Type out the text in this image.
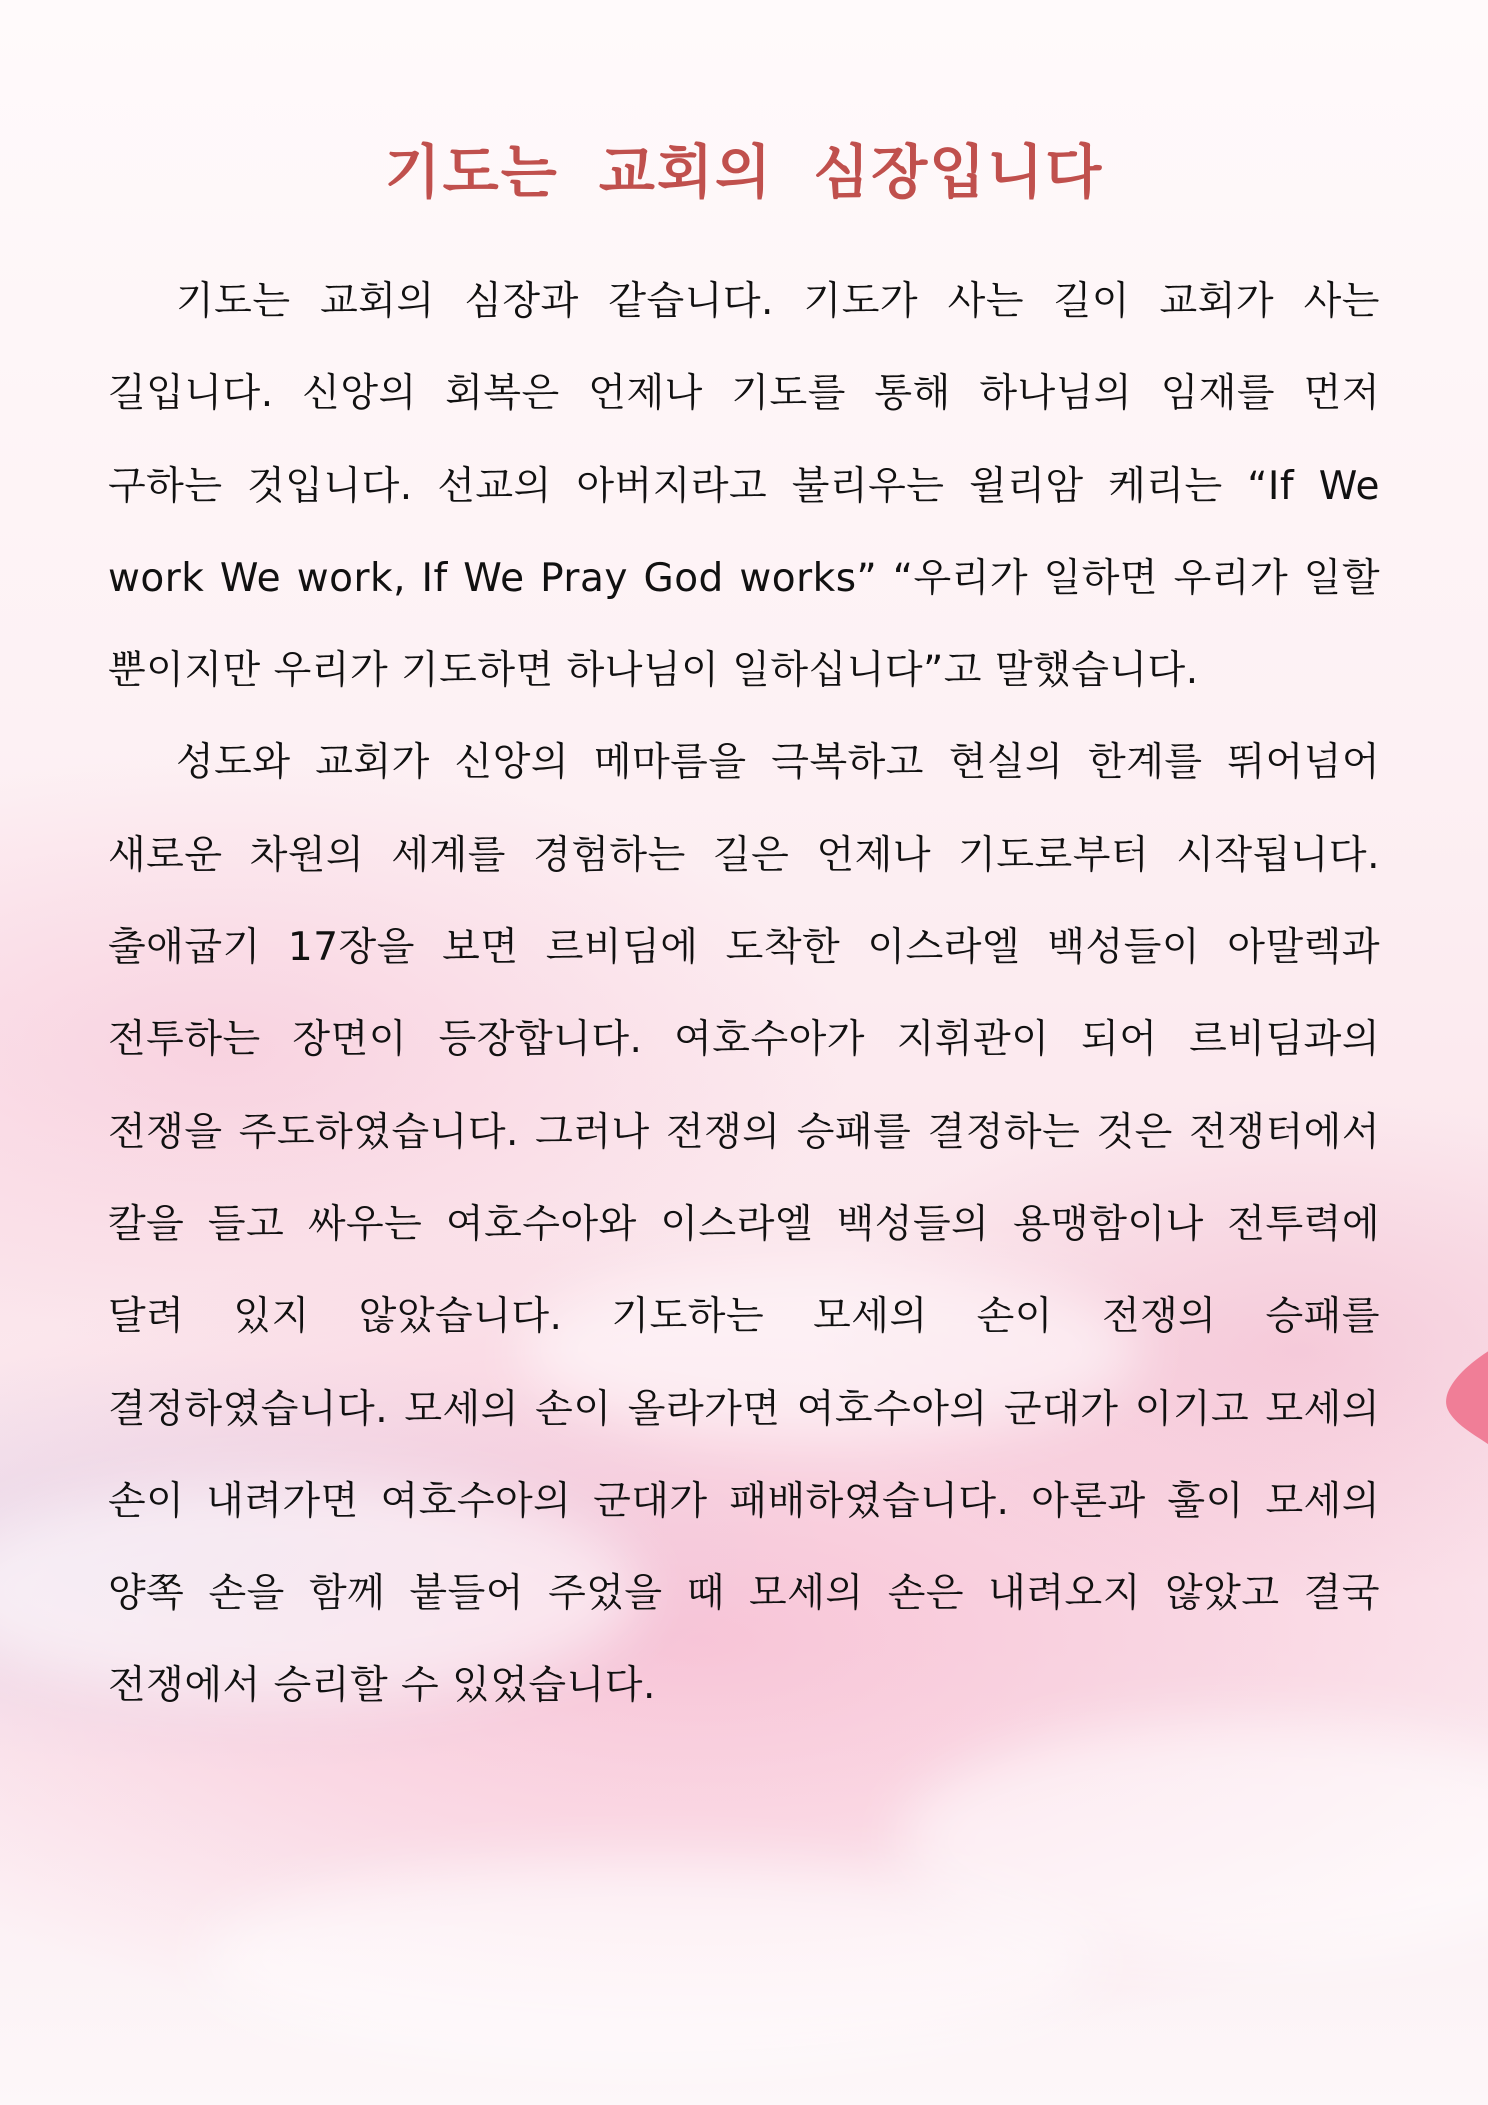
기도는 교회의 심장입니다

기도는 교회의 심장과 같습니다. 기도가 사는 길이 교회가 사는 길입니다. 신앙의 회복은 언제나 기도를 통해 하나님의 임재를 먼저 구하는 것입니다. 선교의 아버지라고 불리우는 윌리암 케리는 “If We work We work, If We Pray God works” “우리가 일하면 우리가 일할 뿐이지만 우리가 기도하면 하나님이 일하십니다”고 말했습니다.

성도와 교회가 신앙의 메마름을 극복하고 현실의 한계를 뛰어넘어 새로운 차원의 세계를 경험하는 길은 언제나 기도로부터 시작됩니다. 출애굽기 17장을 보면 르비딤에 도착한 이스라엘 백성들이 아말렉과 전투하는 장면이 등장합니다. 여호수아가 지휘관이 되어 르비딤과의 전쟁을 주도하였습니다. 그러나 전쟁의 승패를 결정하는 것은 전쟁터에서 칼을 들고 싸우는 여호수아와 이스라엘 백성들의 용맹함이나 전투력에 달려 있지 않았습니다. 기도하는 모세의 손이 전쟁의 승패를 결정하였습니다. 모세의 손이 올라가면 여호수아의 군대가 이기고 모세의 손이 내려가면 여호수아의 군대가 패배하였습니다. 아론과 훌이 모세의 양쪽 손을 함께 붙들어 주었을 때 모세의 손은 내려오지 않았고 결국 전쟁에서 승리할 수 있었습니다.
